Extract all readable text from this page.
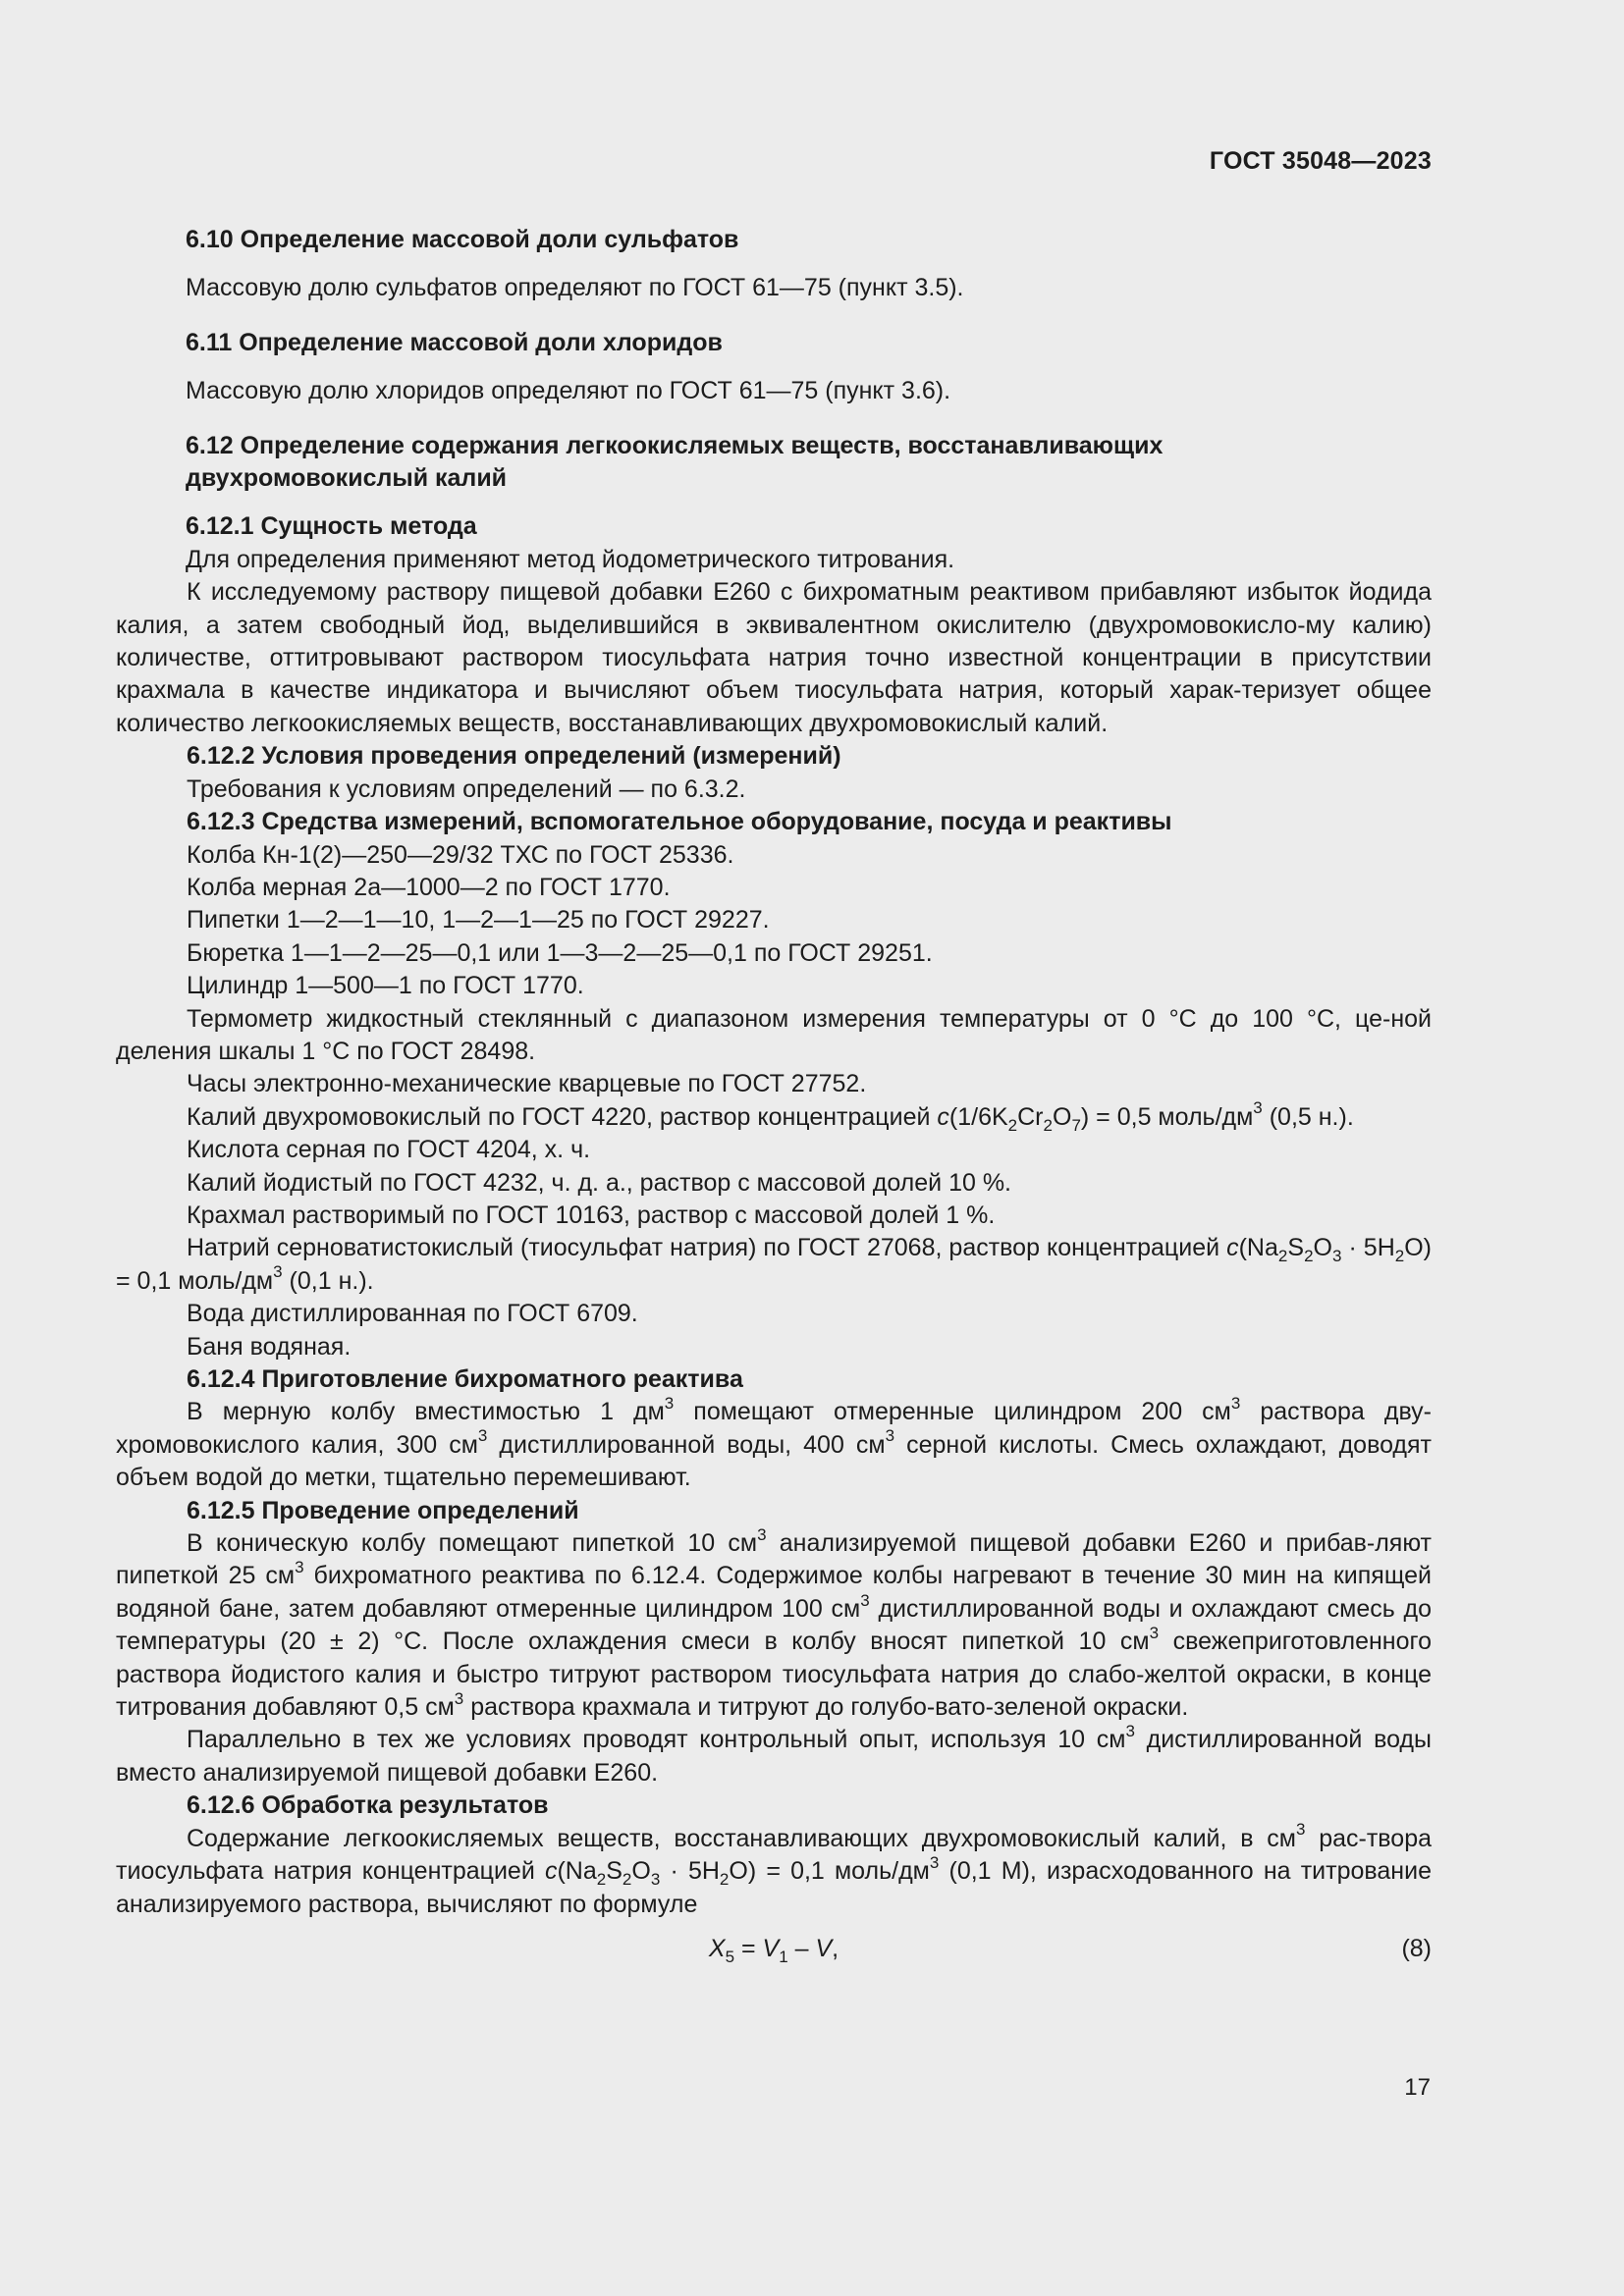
ГОСТ 35048—2023

6.10 Определение массовой доли сульфатов

Массовую долю сульфатов определяют по ГОСТ 61—75 (пункт 3.5).

6.11 Определение массовой доли хлоридов

Массовую долю хлоридов определяют по ГОСТ 61—75 (пункт 3.6).

6.12 Определение содержания легкоокисляемых веществ, восстанавливающих
двухромовокислый калий

6.12.1 Сущность метода

Для определения применяют метод йодометрического титрования.

К исследуемому раствору пищевой добавки Е260 с бихроматным реактивом прибавляют избыток йодида калия, а затем свободный йод, выделившийся в эквивалентном окислителю (двухромовокисло-му калию) количестве, оттитровывают раствором тиосульфата натрия точно известной концентрации в присутствии крахмала в качестве индикатора и вычисляют объем тиосульфата натрия, который харак-теризует общее количество легкоокисляемых веществ, восстанавливающих двухромовокислый калий.

6.12.2 Условия проведения определений (измерений)

Требования к условиям определений — по 6.3.2.

6.12.3 Средства измерений, вспомогательное оборудование, посуда и реактивы

Колба Кн-1(2)—250—29/32 ТХС по ГОСТ 25336.

Колба мерная 2а—1000—2 по ГОСТ 1770.

Пипетки 1—2—1—10, 1—2—1—25 по ГОСТ 29227.

Бюретка 1—1—2—25—0,1 или 1—3—2—25—0,1 по ГОСТ 29251.

Цилиндр 1—500—1 по ГОСТ 1770.

Термометр жидкостный стеклянный с диапазоном измерения температуры от 0 °С до 100 °С, це-ной деления шкалы 1 °С по ГОСТ 28498.

Часы электронно-механические кварцевые по ГОСТ 27752.

Калий двухромовокислый по ГОСТ 4220, раствор концентрацией $c(1/6K_2Cr_2O_7) = 0,5$ моль/$дм^3$ (0,5 н.).

Кислота серная по ГОСТ 4204, х. ч.

Калий йодистый по ГОСТ 4232, ч. д. а., раствор с массовой долей 10 %.

Крахмал растворимый по ГОСТ 10163, раствор с массовой долей 1 %.

Натрий серноватистокислый (тиосульфат натрия) по ГОСТ 27068, раствор концентрацией $c(Na_2S_2O_3 \cdot 5H_2O) = 0,1$ моль/$дм^3$ (0,1 н.).

Вода дистиллированная по ГОСТ 6709.

Баня водяная.

6.12.4 Приготовление бихроматного реактива

В мерную колбу вместимостью 1 $дм^3$ помещают отмеренные цилиндром 200 $см^3$ раствора дву-хромовокислого калия, 300 $см^3$ дистиллированной воды, 400 $см^3$ серной кислоты. Смесь охлаждают, доводят объем водой до метки, тщательно перемешивают.

6.12.5 Проведение определений

В коническую колбу помещают пипеткой 10 $см^3$ анализируемой пищевой добавки Е260 и прибав-ляют пипеткой 25 $см^3$ бихроматного реактива по 6.12.4. Содержимое колбы нагревают в течение 30 мин на кипящей водяной бане, затем добавляют отмеренные цилиндром 100 $см^3$ дистиллированной воды и охлаждают смесь до температуры (20 ± 2) °С. После охлаждения смеси в колбу вносят пипеткой 10 $см^3$ свежеприготовленного раствора йодистого калия и быстро титруют раствором тиосульфата натрия до слабо-желтой окраски, в конце титрования добавляют 0,5 $см^3$ раствора крахмала и титруют до голубо-вато-зеленой окраски.

Параллельно в тех же условиях проводят контрольный опыт, используя 10 $см^3$ дистиллированной воды вместо анализируемой пищевой добавки Е260.

6.12.6 Обработка результатов

Содержание легкоокисляемых веществ, восстанавливающих двухромовокислый калий, в $см^3$ рас-твора тиосульфата натрия концентрацией $c(Na_2S_2O_3 \cdot 5H_2O) = 0,1$ моль/$дм^3$ (0,1 М), израсходованного на титрование анализируемого раствора, вычисляют по формуле

$X_5 = V_1 - V$,	(8)
17
